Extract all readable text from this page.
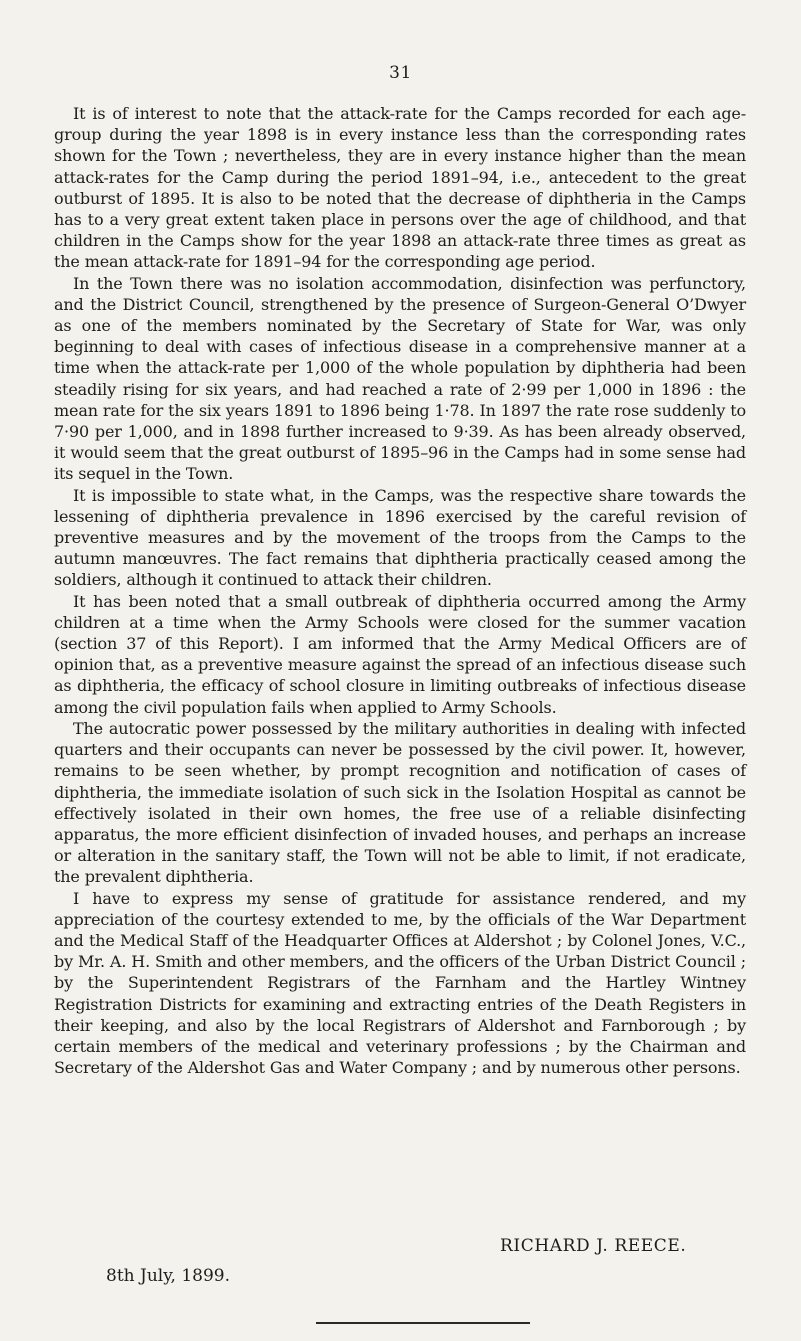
31

It is of interest to note that the attack-rate for the Camps recorded for each age-group during the year 1898 is in every instance less than the corresponding rates shown for the Town ; nevertheless, they are in every instance higher than the mean attack-rates for the Camp during the period 1891–94, i.e., antecedent to the great outburst of 1895. It is also to be noted that the decrease of diphtheria in the Camps has to a very great extent taken place in persons over the age of childhood, and that children in the Camps show for the year 1898 an attack-rate three times as great as the mean attack-rate for 1891–94 for the corresponding age period.

In the Town there was no isolation accommodation, disinfection was perfunctory, and the District Council, strengthened by the presence of Surgeon-General O’Dwyer as one of the members nominated by the Secretary of State for War, was only beginning to deal with cases of infectious disease in a comprehensive manner at a time when the attack-rate per 1,000 of the whole population by diphtheria had been steadily rising for six years, and had reached a rate of 2·99 per 1,000 in 1896 : the mean rate for the six years 1891 to 1896 being 1·78. In 1897 the rate rose suddenly to 7·90 per 1,000, and in 1898 further increased to 9·39. As has been already observed, it would seem that the great outburst of 1895–96 in the Camps had in some sense had its sequel in the Town.

It is impossible to state what, in the Camps, was the respective share towards the lessening of diphtheria prevalence in 1896 exercised by the careful revision of preventive measures and by the movement of the troops from the Camps to the autumn manœuvres. The fact remains that diphtheria practically ceased among the soldiers, although it continued to attack their children.

It has been noted that a small outbreak of diphtheria occurred among the Army children at a time when the Army Schools were closed for the summer vacation (section 37 of this Report). I am informed that the Army Medical Officers are of opinion that, as a preventive measure against the spread of an infectious disease such as diphtheria, the efficacy of school closure in limiting outbreaks of infectious disease among the civil population fails when applied to Army Schools.

The autocratic power possessed by the military authorities in dealing with infected quarters and their occupants can never be possessed by the civil power. It, however, remains to be seen whether, by prompt recognition and notification of cases of diphtheria, the immediate isolation of such sick in the Isolation Hospital as cannot be effectively isolated in their own homes, the free use of a reliable disinfecting apparatus, the more efficient disinfection of invaded houses, and perhaps an increase or alteration in the sanitary staff, the Town will not be able to limit, if not eradicate, the prevalent diphtheria.

I have to express my sense of gratitude for assistance rendered, and my appreciation of the courtesy extended to me, by the officials of the War Department and the Medical Staff of the Headquarter Offices at Aldershot ; by Colonel Jones, V.C., by Mr. A. H. Smith and other members, and the officers of the Urban District Council ; by the Superintendent Registrars of the Farnham and the Hartley Wintney Registration Districts for examining and extracting entries of the Death Registers in their keeping, and also by the local Registrars of Aldershot and Farnborough ; by certain members of the medical and veterinary professions ; by the Chairman and Secretary of the Aldershot Gas and Water Company ; and by numerous other persons.

RICHARD J. REECE.
8th July, 1899.
